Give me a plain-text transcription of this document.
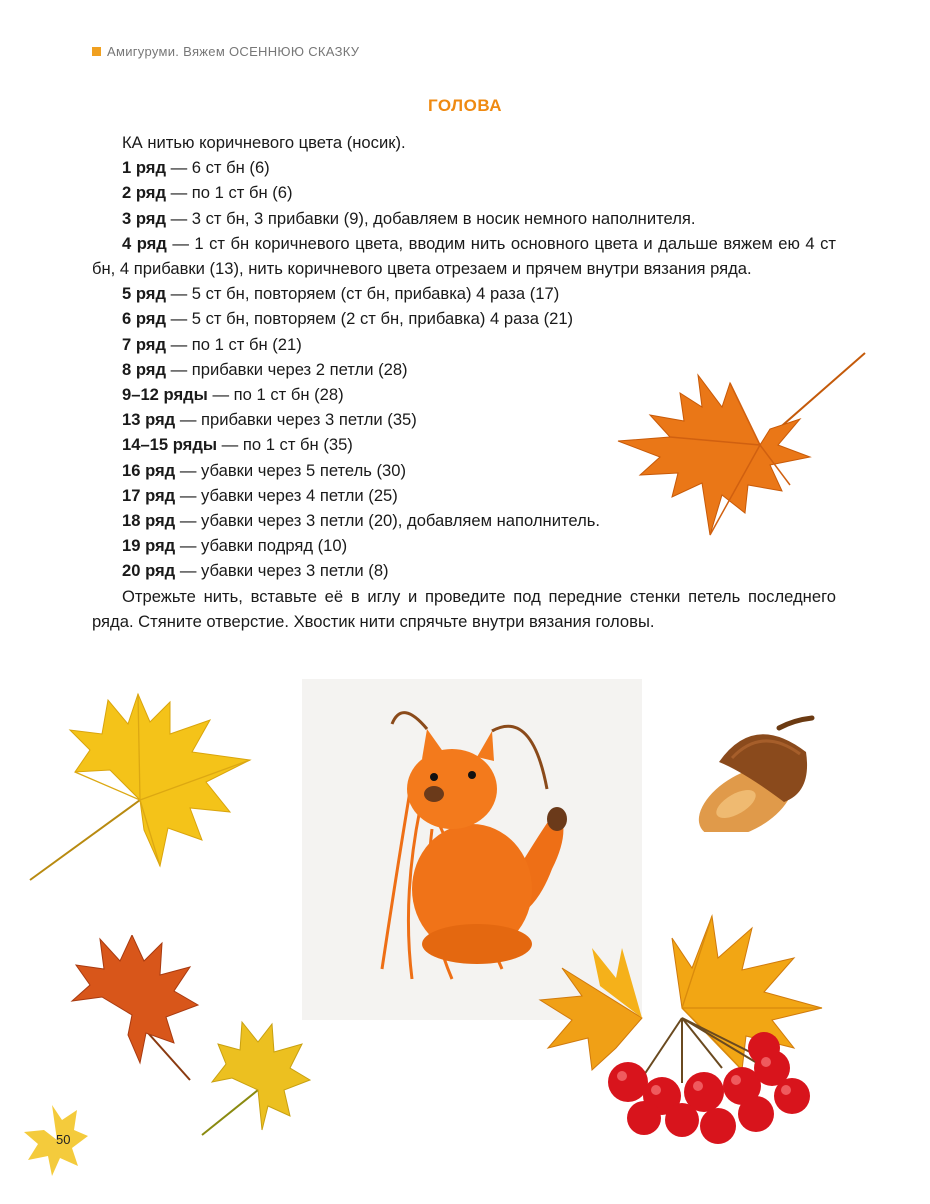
Амигуруми. Вяжем ОСЕННЮЮ СКАЗКУ
ГОЛОВА

КА нитью коричневого цвета (носик).

1 ряд — 6 ст бн (6)

2 ряд — по 1 ст бн (6)

3 ряд — 3 ст бн, 3 прибавки (9), добавляем в носик немного наполнителя.

4 ряд — 1 ст бн коричневого цвета, вводим нить основного цвета и дальше вяжем ею 4 ст бн, 4 прибавки (13), нить коричневого цвета отрезаем и прячем внутри вязания ряда.

5 ряд — 5 ст бн, повторяем (ст бн, прибавка) 4 раза (17)

6 ряд — 5 ст бн, повторяем (2 ст бн, прибавка) 4 раза (21)

7 ряд — по 1 ст бн (21)

8 ряд — прибавки через 2 петли (28)

9–12 ряды — по 1 ст бн (28)

13 ряд — прибавки через 3 петли (35)

14–15 ряды — по 1 ст бн (35)

16 ряд — убавки через 5 петель (30)

17 ряд — убавки через 4 петли (25)

18 ряд — убавки через 3 петли (20), добавляем наполнитель.

19 ряд — убавки подряд (10)

20 ряд — убавки через 3 петли (8)

Отрежьте нить, вставьте её в иглу и проведите под передние стенки петель последнего ряда. Стяните отверстие. Хвостик нити спрячьте внутри вязания головы.

50
